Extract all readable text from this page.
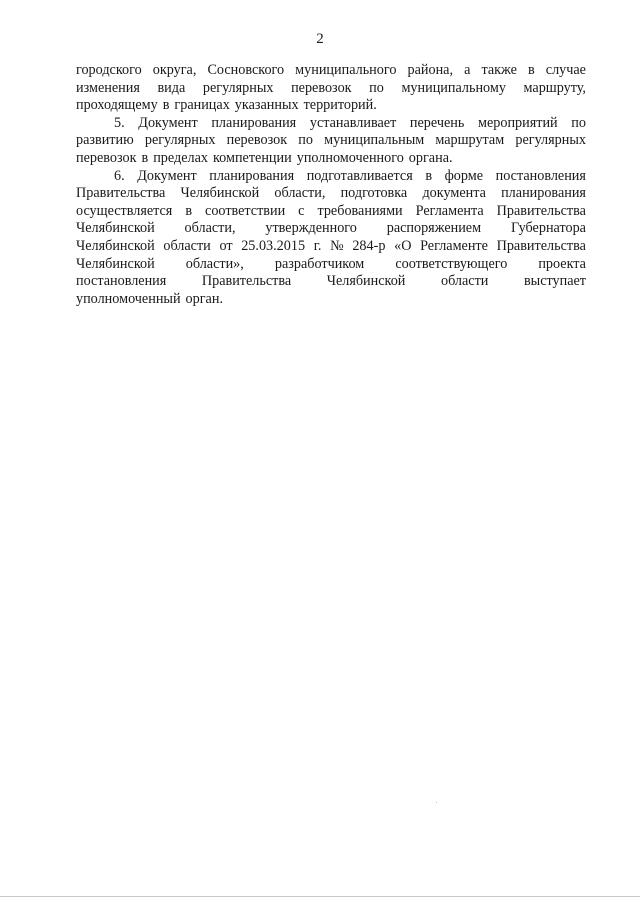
2
городского округа, Сосновского муниципального района, а также в случае
изменения вида регулярных перевозок по муниципальному маршруту,
проходящему в границах указанных территорий.
5. Документ планирования устанавливает перечень мероприятий по
развитию регулярных перевозок по муниципальным маршрутам регулярных
перевозок в пределах компетенции уполномоченного органа.
6. Документ планирования подготавливается в форме постановления
Правительства Челябинской области, подготовка документа планирования
осуществляется в соответствии с требованиями Регламента Правительства
Челябинской области, утвержденного распоряжением Губернатора
Челябинской области от 25.03.2015 г. № 284-р «О Регламенте Правительства
Челябинской области», разработчиком соответствующего проекта
постановления	Правительства	Челябинской	области	выступает
уполномоченный орган.
